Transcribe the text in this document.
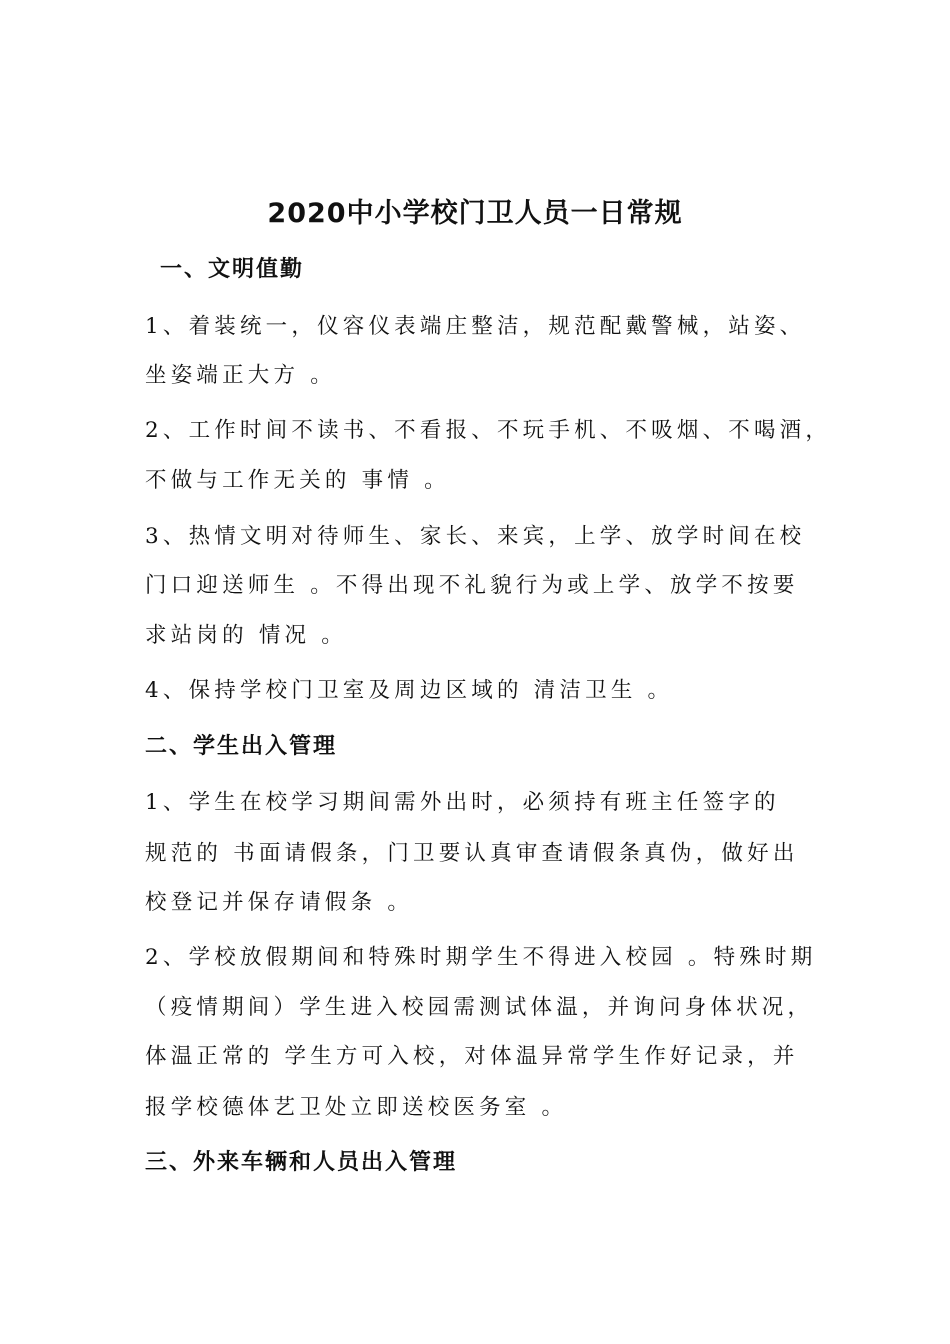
2020中小学校门卫人员一日常规
一、文明值勤
1、着装统一，仪容仪表端庄整洁，规范配戴警械，站姿、
坐姿端正大方 。
2、工作时间不读书、不看报、不玩手机、不吸烟、不喝酒，
不做与工作无关的 事情 。
3、热情文明对待师生、家长、来宾，上学、放学时间在校
门口迎送师生 。不得出现不礼貌行为或上学、放学不按要
求站岗的 情况 。
4、保持学校门卫室及周边区域的 清洁卫生 。
二、学生出入管理
1、学生在校学习期间需外出时，必须持有班主任签字的
规范的 书面请假条，门卫要认真审查请假条真伪，做好出
校登记并保存请假条 。
2、学校放假期间和特殊时期学生不得进入校园 。特殊时期
（疫情期间）学生进入校园需测试体温，并询问身体状况，
体温正常的 学生方可入校，对体温异常学生作好记录，并
报学校德体艺卫处立即送校医务室 。
三、外来车辆和人员出入管理
